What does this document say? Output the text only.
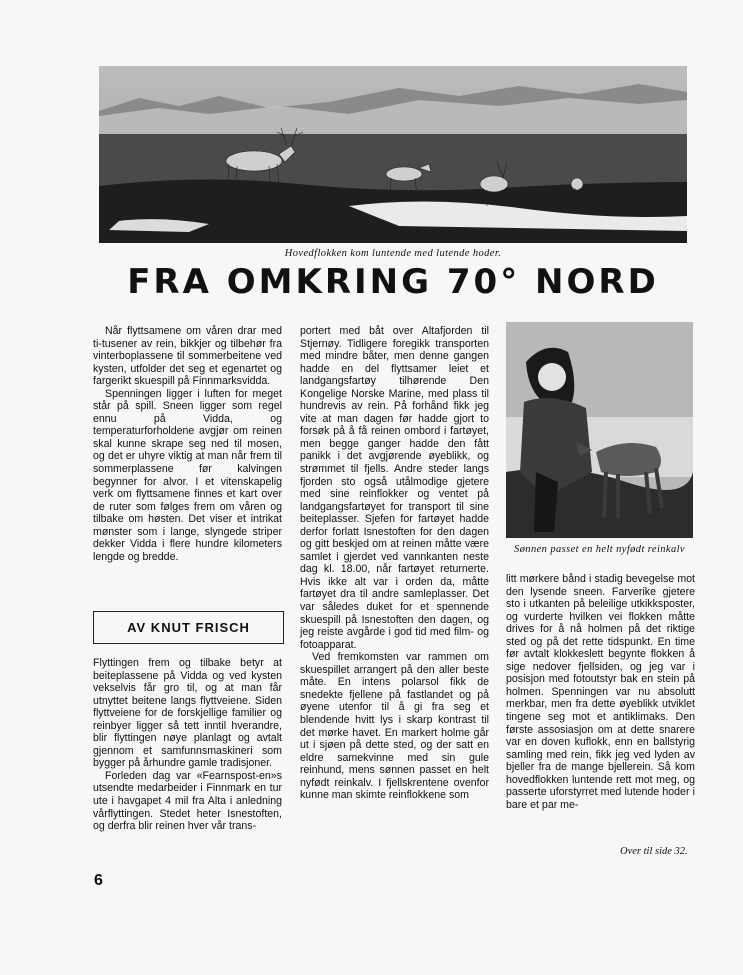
Hovedflokken kom luntende med lutende hoder.
FRA OMKRING 70° NORD

Når flyttsamene om våren drar med ti-tusener av rein, bikkjer og tilbehør fra vinterboplassene til sommerbeitene ved kysten, utfolder det seg et egenartet og fargerikt skuespill på Finnmarksvidda.

Spenningen ligger i luften for meget står på spill. Sneen ligger som regel ennu på Vidda, og temperaturforholdene avgjør om reinen skal kunne skrape seg ned til mosen, og det er uhyre viktig at man når frem til sommerplassene før kalvingen begynner for alvor. I et vitenskapelig verk om flyttsamene finnes et kart over de ruter som følges frem om våren og tilbake om høsten. Det viser et intrikat mønster som i lange, slyngede striper dekker Vidda i flere hundre kilometers lengde og bredde.

AV KNUT FRISCH

Flyttingen frem og tilbake betyr at beiteplassene på Vidda og ved kysten vekselvis får gro til, og at man får utnyttet beitene langs flyttveiene. Siden flyttveiene for de forskjellige familier og reinbyer ligger så tett inntil hverandre, blir flyttingen nøye planlagt og avtalt gjennom et samfunnsmaskineri som bygger på århundre gamle tradisjoner.

Forleden dag var «Fearnspost-en»s utsendte medarbeider i Finnmark en tur ute i havgapet 4 mil fra Alta i anledning vårflyttingen. Stedet heter Isnestoften, og derfra blir reinen hver vår trans-

portert med båt over Altafjorden til Stjernøy. Tidligere foregikk transporten med mindre båter, men denne gangen hadde en del flyttsamer leiet et landgangsfartøy tilhørende Den Kongelige Norske Marine, med plass til hundrevis av rein. På forhånd fikk jeg vite at man dagen før hadde gjort to forsøk på å få reinen ombord i fartøyet, men begge ganger hadde den fått panikk i det avgjørende øyeblikk, og strømmet til fjells. Andre steder langs fjorden sto også utålmodige gjetere med sine reinflokker og ventet på landgangsfartøyet for transport til sine beiteplasser. Sjefen for fartøyet hadde derfor forlatt Isnestoften for den dagen og gitt beskjed om at reinen måtte være samlet i gjerdet ved vannkanten neste dag kl. 18.00, når fartøyet returnerte. Hvis ikke alt var i orden da, måtte fartøyet dra til andre samleplasser. Det var således duket for et spennende skuespill på Isnestoften den dagen, og jeg reiste avgårde i god tid med film- og fotoapparat.

Ved fremkomsten var rammen om skuespillet arrangert på den aller beste måte. En intens polarsol fikk de snedekte fjellene på fastlandet og på øyene utenfor til å gi fra seg et blendende hvitt lys i skarp kontrast til det mørke havet. En markert holme går ut i sjøen på dette sted, og der satt en eldre samekvinne med sin gule reinhund, mens sønnen passet en helt nyfødt reinkalv. I fjellskrentene ovenfor kunne man skimte reinflokkene som

Sønnen passet en helt nyfødt reinkalv

litt mørkere bånd i stadig bevegelse mot den lysende sneen. Farverike gjetere sto i utkanten på beleilige utkikksposter, og vurderte hvilken vei flokken måtte drives for å nå holmen på det riktige sted og på det rette tidspunkt. En time før avtalt klokkeslett begynte flokken å sige nedover fjellsiden, og jeg var i posisjon med fotoutstyr bak en stein på holmen. Spenningen var nu absolutt merkbar, men fra dette øyeblikk utviklet tingene seg mot et antiklimaks. Den første assosiasjon om at dette snarere var en doven kuflokk, enn en ballstyrig samling med rein, fikk jeg ved lyden av bjeller fra de mange bjellerein. Så kom hovedflokken luntende rett mot meg, og passerte uforstyrret med lutende hoder i bare et par me-

Over til side 32.
6
